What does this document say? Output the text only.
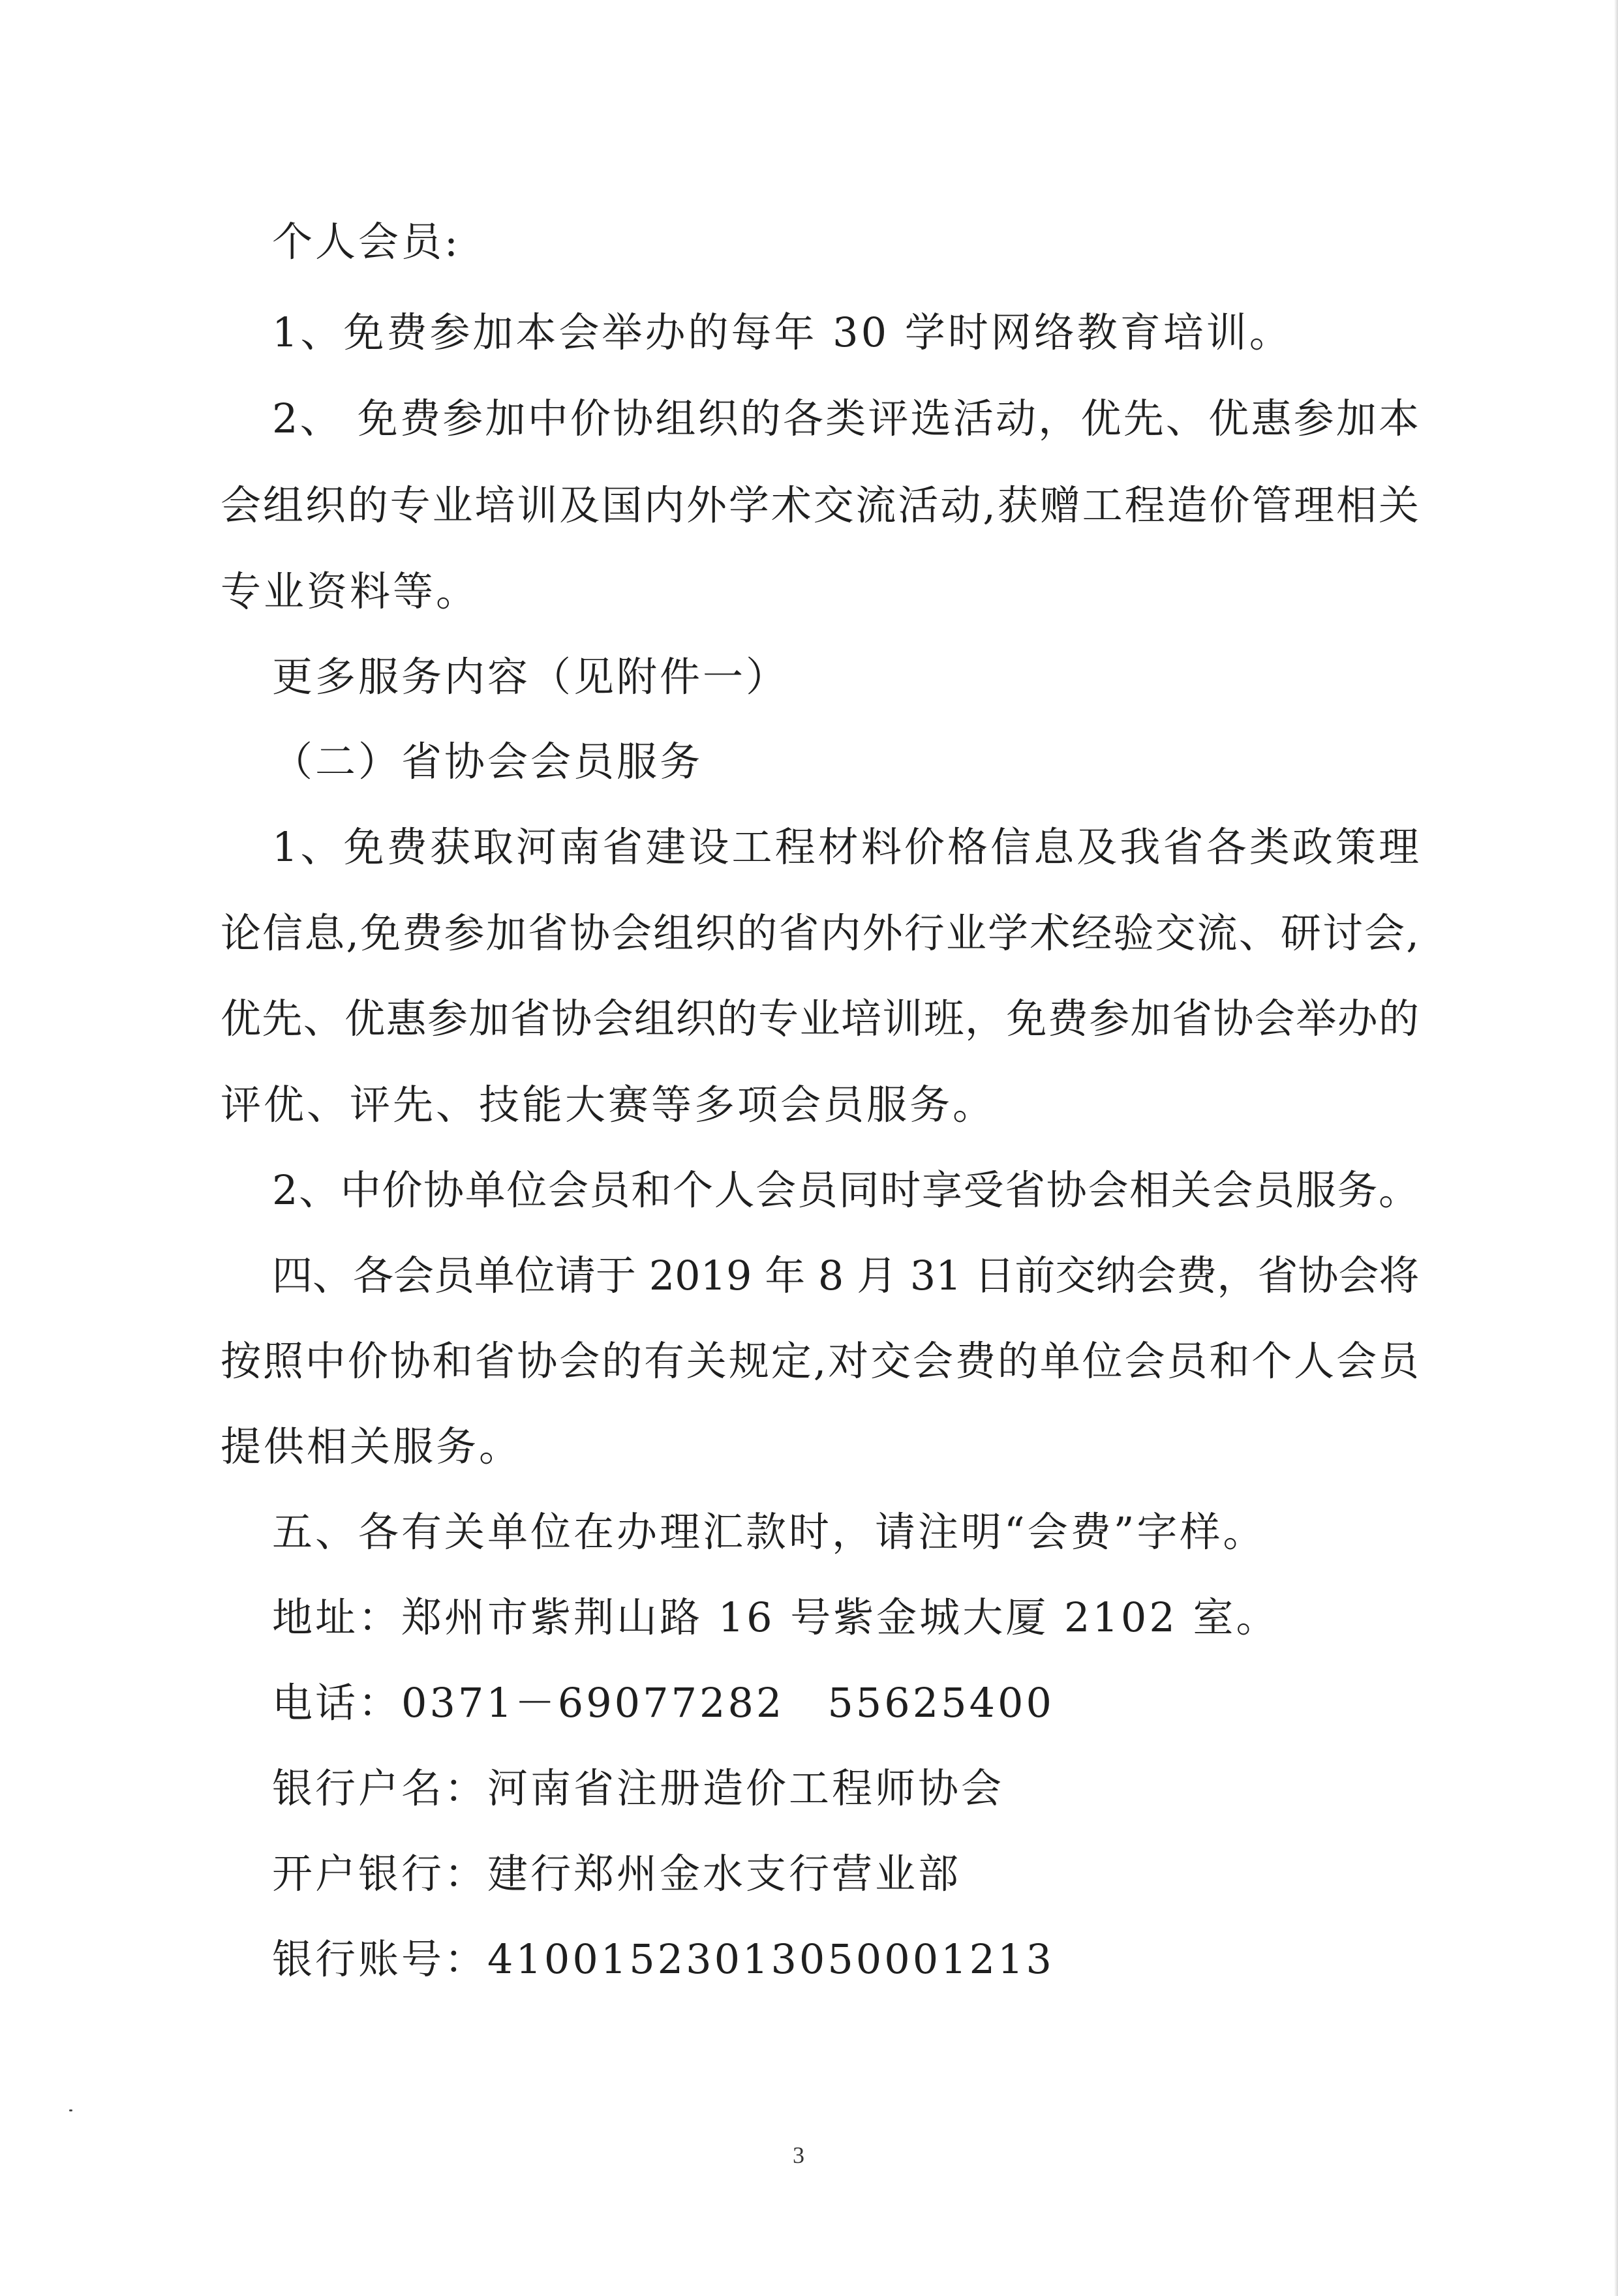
个人会员:
1、免费参加本会举办的每年 30 学时网络教育培训。
2、 免费参加中价协组织的各类评选活动，优先、优惠参加本
会组织的专业培训及国内外学术交流活动,获赠工程造价管理相关
专业资料等。
更多服务内容（见附件一）
（二）省协会会员服务
1、免费获取河南省建设工程材料价格信息及我省各类政策理
论信息,免费参加省协会组织的省内外行业学术经验交流、研讨会,
优先、优惠参加省协会组织的专业培训班，免费参加省协会举办的
评优、评先、技能大赛等多项会员服务。
2、中价协单位会员和个人会员同时享受省协会相关会员服务。
四、各会员单位请于 2019 年 8 月 31 日前交纳会费，省协会将
按照中价协和省协会的有关规定,对交会费的单位会员和个人会员
提供相关服务。
五、各有关单位在办理汇款时，请注明“会费”字样。
地址：郑州市紫荆山路 16 号紫金城大厦 2102 室。
电话：0371－69077282　55625400
银行户名：河南省注册造价工程师协会
开户银行：建行郑州金水支行营业部
银行账号：41001523013050001213
3
